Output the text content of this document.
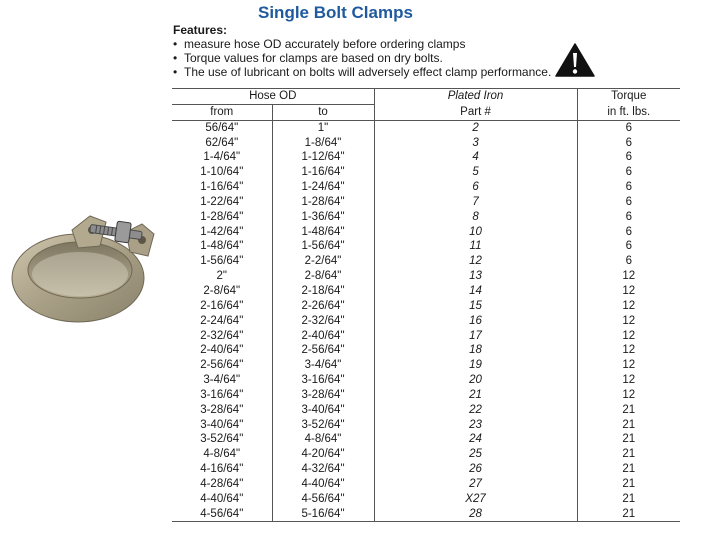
Single Bolt Clamps
Features:
• measure hose OD accurately before ordering clamps
• Torque values for clamps are based on dry bolts.
• The use of lubricant on bolts will adversely effect clamp performance.
Hose OD		Plated Iron	Torque
from	to	Part #	in ft. lbs.
56/64"	1"	2	6
62/64"	1-8/64"	3	6
1-4/64"	1-12/64"	4	6
1-10/64"	1-16/64"	5	6
1-16/64"	1-24/64"	6	6
1-22/64"	1-28/64"	7	6
1-28/64"	1-36/64"	8	6
1-42/64"	1-48/64"	10	6
1-48/64"	1-56/64"	11	6
1-56/64"	2-2/64"	12	6
2"	2-8/64"	13	12
2-8/64"	2-18/64"	14	12
2-16/64"	2-26/64"	15	12
2-24/64"	2-32/64"	16	12
2-32/64"	2-40/64"	17	12
2-40/64"	2-56/64"	18	12
2-56/64"	3-4/64"	19	12
3-4/64"	3-16/64"	20	12
3-16/64"	3-28/64"	21	12
3-28/64"	3-40/64"	22	21
3-40/64"	3-52/64"	23	21
3-52/64"	4-8/64"	24	21
4-8/64"	4-20/64"	25	21
4-16/64"	4-32/64"	26	21
4-28/64"	4-40/64"	27	21
4-40/64"	4-56/64"	X27	21
4-56/64"	5-16/64"	28	21
